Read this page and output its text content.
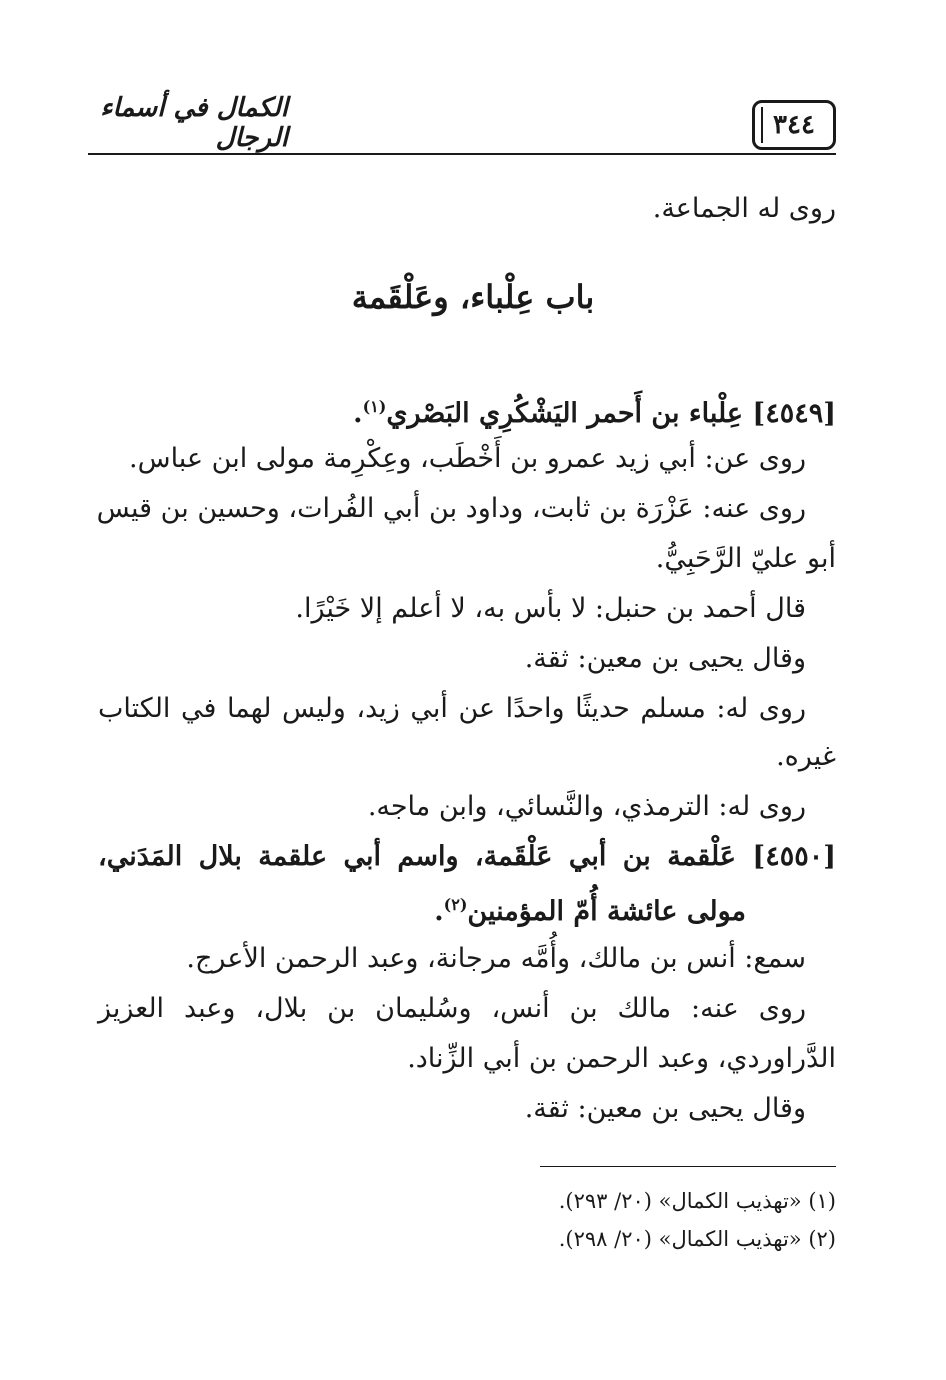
٣٤٤
الكمال في أسماء الرجال
روى له الجماعة.
باب عِلْباء، وعَلْقَمة
[٤٥٤٩] عِلْباء بن أَحمر اليَشْكُرِي البَصْري$^{(١)}$.
روى عن: أبي زيد عمرو بن أَخْطَب، وعِكْرِمة مولى ابن عباس.
روى عنه: عَزْرَة بن ثابت، وداود بن أبي الفُرات، وحسين بن قيس
أبو عليّ الرَّحَبِيُّ.
قال أحمد بن حنبل: لا بأس به، لا أعلم إلا خَيْرًا.
وقال يحيى بن معين: ثقة.
روى له: مسلم حديثًا واحدًا عن أبي زيد، وليس لهما في الكتاب
غيره.
روى له: الترمذي، والنَّسائي، وابن ماجه.
[٤٥٥٠] عَلْقمة بن أبي عَلْقَمة، واسم أبي علقمة بلال المَدَني،
مولى عائشة أُمّ المؤمنين$^{(٢)}$.
سمع: أنس بن مالك، وأُمَّه مرجانة، وعبد الرحمن الأعرج.
روى عنه: مالك بن أنس، وسُليمان بن بلال، وعبد العزيز
الدَّراوردي، وعبد الرحمن بن أبي الزِّناد.
وقال يحيى بن معين: ثقة.
(١) «تهذيب الكمال» (٢٠/ ٢٩٣).
(٢) «تهذيب الكمال» (٢٠/ ٢٩٨).
